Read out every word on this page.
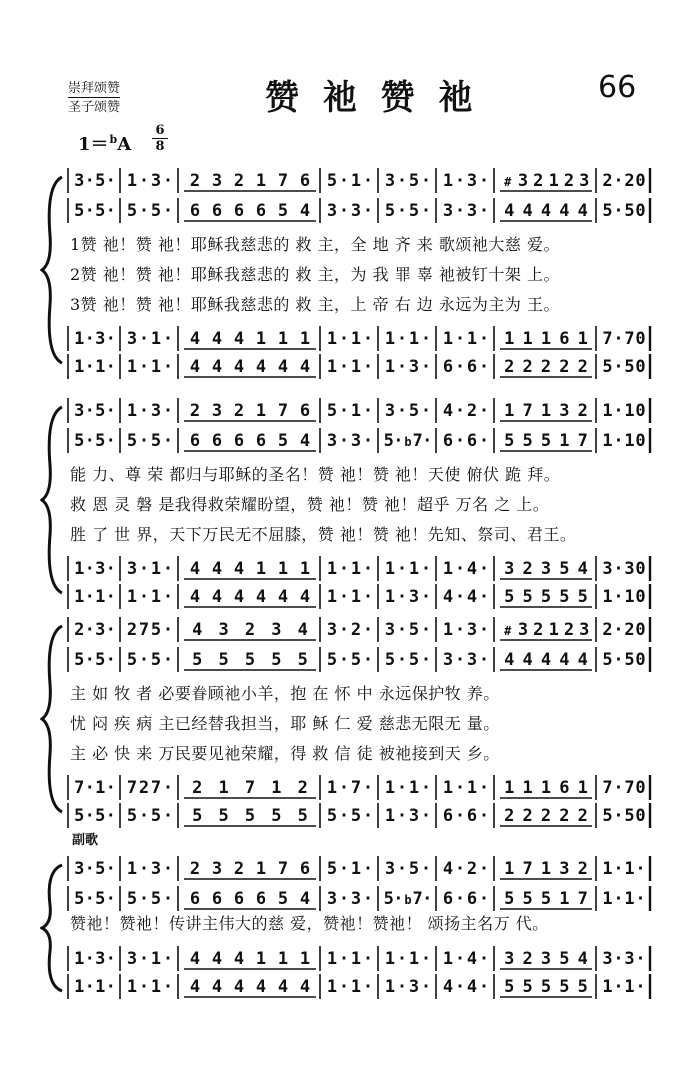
崇拜颂赞
圣子颂赞	赞 祂 赞 祂	66
1＝$^b$A
6
8
3 · 5 · 1 · 3 · 2 3 2 1 7 6 5 · 1 · 3 · 5 · 1 · 3 · # 3 2 1 2 3 2 · 2 0
5 · 5 · 5 · 5 · 6 6 6 6 5 4 3 · 3 · 5 · 5 · 3 · 3 · 4 4 4 4 4 5 · 5 0
1赞 祂！赞 祂！耶稣我慈悲的 救 主，全 地 齐 来 歌颂祂大慈 爱。
2赞 祂！赞 祂！耶稣我慈悲的 救 主，为 我 罪 辜 祂被钉十架 上。
3赞 祂！赞 祂！耶稣我慈悲的 救 主，上 帝 右 边 永远为主为 王。
1 · 3 · 3 · 1 · 4 4 4 1 1 1 1 · 1 · 1 · 1 · 1 · 1 · 1 1 1 6 1 7 · 7 0
1 · 1 · 1 · 1 · 4 4 4 4 4 4 1 · 1 · 1 · 3 · 6 · 6 · 2 2 2 2 2 5 · 5 0
3 · 5 · 1 · 3 · 2 3 2 1 7 6 5 · 1 · 3 · 5 · 4 · 2 · 1 7 1 3 2 1 · 1 0
5 · 5 · 5 · 5 · 6 6 6 6 5 4 3 · 3 · 5 · b 7 · 6 · 6 · 5 5 5 1 7 1 · 1 0
能 力、尊 荣 都归与耶稣的圣名！赞 祂！赞 祂！天使 俯伏 跪 拜。
救 恩 灵 磐 是我得救荣耀盼望，赞 祂！赞 祂！超乎 万名 之 上。
胜 了 世 界，天下万民无不屈膝，赞 祂！赞 祂！先知、祭司、君王。
1 · 3 · 3 · 1 · 4 4 4 1 1 1 1 · 1 · 1 · 1 · 1 · 4 · 3 2 3 5 4 3 · 3 0
1 · 1 · 1 · 1 · 4 4 4 4 4 4 1 · 1 · 1 · 3 · 4 · 4 · 5 5 5 5 5 1 · 1 0
2 · 3 · 2 7 5 · 4 3 2 3 4 3 · 2 · 3 · 5 · 1 · 3 · # 3 2 1 2 3 2 · 2 0
5 · 5 · 5 · 5 · 5 5 5 5 5 5 · 5 · 5 · 5 · 3 · 3 · 4 4 4 4 4 5 · 5 0
主 如 牧 者 必要眷顾祂小羊，抱 在 怀 中 永远保护牧 养。
忧 闷 疾 病 主已经替我担当，耶 稣 仁 爱 慈悲无限无 量。
主 必 快 来 万民要见祂荣耀，得 救 信 徒 被祂接到天 乡。
7 · 1 · 7 2 7 · 2 1 7 1 2 1 · 7 · 1 · 1 · 1 · 1 · 1 1 1 6 1 7 · 7 0
5 · 5 · 5 · 5 · 5 5 5 5 5 5 · 5 · 1 · 3 · 6 · 6 · 2 2 2 2 2 5 · 5 0
副歌
3 · 5 · 1 · 3 · 2 3 2 1 7 6 5 · 1 · 3 · 5 · 4 · 2 · 1 7 1 3 2 1 · 1 ·
5 · 5 · 5 · 5 · 6 6 6 6 5 4 3 · 3 · 5 · b 7 · 6 · 6 · 5 5 5 1 7 1 · 1 ·
赞祂！赞祂！传讲主伟大的慈 爱，赞祂！赞祂！ 颂扬主名万 代。
1 · 3 · 3 · 1 · 4 4 4 1 1 1 1 · 1 · 1 · 1 · 1 · 4 · 3 2 3 5 4 3 · 3 ·
1 · 1 · 1 · 1 · 4 4 4 4 4 4 1 · 1 · 1 · 3 · 4 · 4 · 5 5 5 5 5 1 · 1 ·
